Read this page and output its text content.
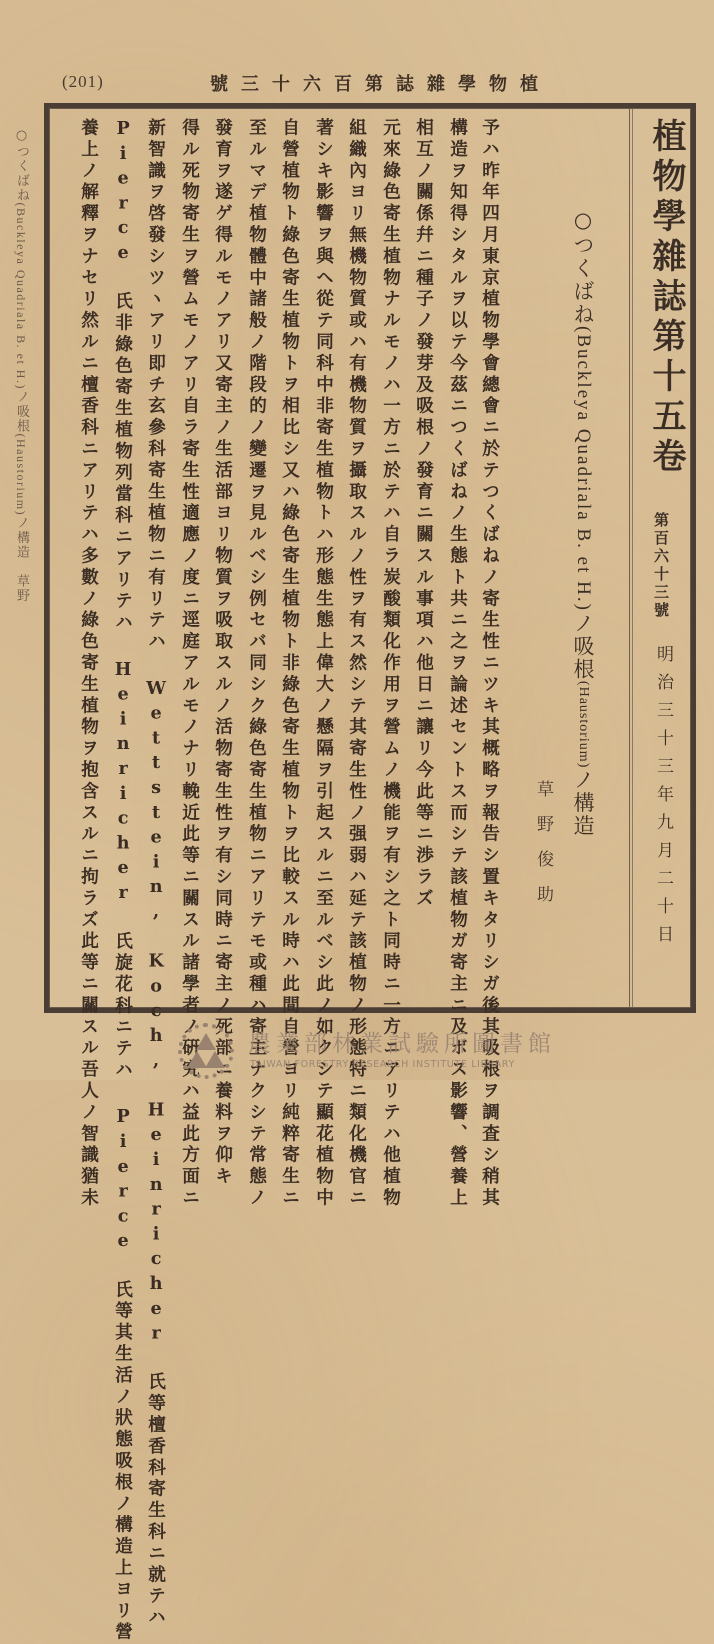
(201)	號三十六百第誌雜學物植
植物學雜誌第十五卷
第百六十三號
明治三十三年九月二十日
○つくばね(Buckleya Quadriala B. et H.)ノ吸根(Haustorium)ノ構造
草野俊助
予ハ昨年四月東京植物學會總會ニ於テつくばねノ寄生性ニツキ其概略ヲ報告シ置キタリシガ後其吸根ヲ調査シ稍其
構造ヲ知得シタルヲ以テ今茲ニつくばねノ生態ト共ニ之ヲ論述セントス而シテ該植物ガ寄主ニ及ボス影響、營養上
相互ノ關係幷ニ種子ノ發芽及吸根ノ發育ニ關スル事項ハ他日ニ讓リ今此等ニ渉ラズ
元來綠色寄生植物ナルモノハ一方ニ於テハ自ラ炭酸類化作用ヲ營ムノ機能ヲ有シ之ト同時ニ一方ニアリテハ他植物
組織內ヨリ無機物質或ハ有機物質ヲ攝取スルノ性ヲ有ス然シテ其寄生性ノ强弱ハ延テ該植物ノ形態特ニ類化機官ニ
著シキ影響ヲ與ヘ從テ同科中非寄生植物トハ形態生態上偉大ノ懸隔ヲ引起スルニ至ルベシ此ノ如クシテ顯花植物中
自營植物ト綠色寄生植物トヲ相比シ又ハ綠色寄生植物ト非綠色寄生植物トヲ比較スル時ハ此間自營ヨリ純粹寄生ニ
至ルマデ植物體中諸般ノ階段的ノ變遷ヲ見ルベシ例セバ同シク綠色寄生植物ニアリテモ或種ハ寄主ナクシテ常態ノ
發育ヲ遂ゲ得ルモノアリ又寄主ノ生活部ヨリ物質ヲ吸取スルノ活物寄生性ヲ有シ同時ニ寄主ノ死部ニ養料ヲ仰キ
得ル死物寄生ヲ營ムモノアリ自ラ寄生性適應ノ度ニ逕庭アルモノナリ輓近此等ニ關スル諸學者ノ硏究ハ益此方面ニ
新智識ヲ啓發シツヽアリ即チ玄參科寄生植物ニ有リテハ Wettstein, Koch, Heinricher 氏等檀香科寄生科ニ就テハ
Pierce 氏非綠色寄生植物列當科ニアリテハ Heinricher 氏旋花科ニテハ Pierce 氏等其生活ノ狀態吸根ノ構造上ヨリ營
養上ノ解釋ヲナセリ然ルニ檀香科ニアリテハ多數ノ綠色寄生植物ヲ抱含スルニ拘ラズ此等ニ關スル吾人ノ智識猶未
○つくばね(Buckleya Quadriala B. et H.)ノ吸根(Haustorium)ノ構造　草野
農業部林業試驗所圖書館
TAIWAN FORESTRY RESEARCH INSTITUTE LIBRARY
